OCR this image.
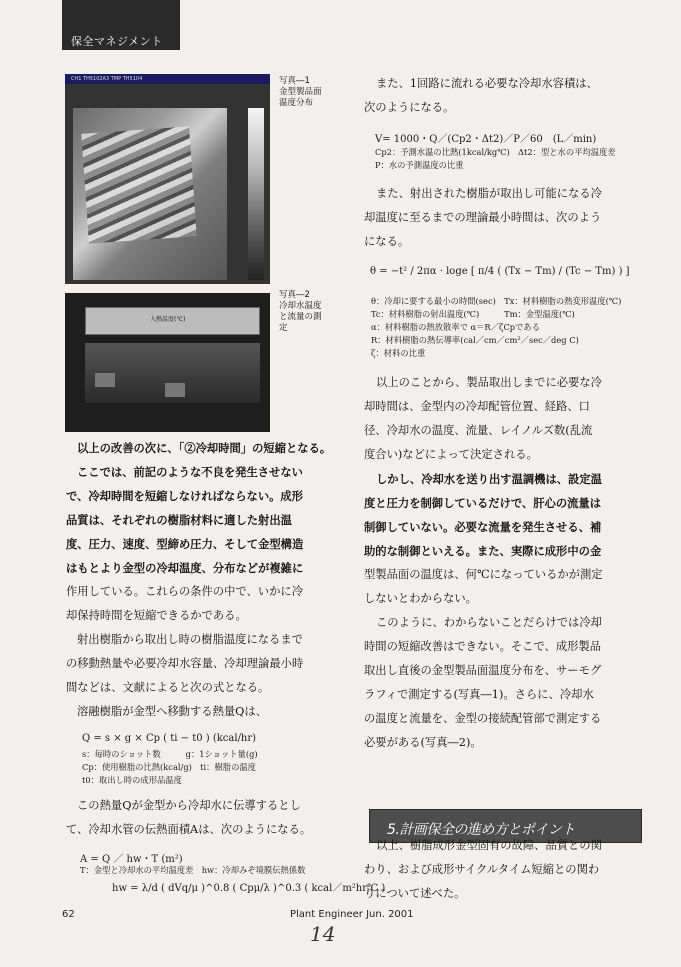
保全マネジメント
CH1 TH5102A3 TMP TH5104	写真―1
金型製品面
温度分布
入熱温度(℃)
写真―2
冷却水温度
と流量の測
定
以上の改善の次に、「②冷却時間」の短縮となる。
ここでは、前記のような不良を発生させない
で、冷却時間を短縮しなければならない。成形
品質は、それぞれの樹脂材料に適した射出温
度、圧力、速度、型締め圧力、そして金型構造
はもとより金型の冷却温度、分布などが複雑に
作用している。これらの条件の中で、いかに冷
却保持時間を短縮できるかである。
射出樹脂から取出し時の樹脂温度になるまで
の移動熱量や必要冷却水容量、冷却理論最小時
間などは、文献によると次の式となる。
溶融樹脂が金型へ移動する熱量Qは、
Q = s × g × Cp ( ti − t0 ) (kcal/hr)
s：毎時のショット数　　　g：1ショット量(g)
Cp：使用樹脂の比熱(kcal/g)　ti：樹脂の温度
t0：取出し時の成形品温度
この熱量Qが金型から冷却水に伝導するとし
て、冷却水管の伝熱面積Aは、次のようになる。
A = Q ／ hw・T (m²)
T：金型と冷却水の平均温度差　hw：冷却みぞ境膜伝熱係数
hw = λ/d ( dVq/μ )^0.8 ( Cpμ/λ )^0.3 ( kcal／m²hr℃ )
また、1回路に流れる必要な冷却水容積は、
次のようになる。
V= 1000・Q／(Cp2・Δt2)／P／60　(L／min)
Cp2：予測水温の比熱(1kcal/kg℃)　Δt2：型と水の平均温度差
P：水の予測温度の比重
また、射出された樹脂が取出し可能になる冷
却温度に至るまでの理論最小時間は、次のよう
になる。
θ = −t² / 2πα · loge [ π/4 ( (Tx − Tm) / (Tc − Tm) ) ]
θ：冷却に要する最小の時間(sec)　Tx：材料樹脂の熱変形温度(℃)
Tc：材料樹脂の射出温度(℃)　　　Tm：金型温度(℃)
α：材料樹脂の熱放散率で α＝R／ζCpである
R：材料樹脂の熱伝導率(cal／cm／cm²／sec／deg C)
ζ：材料の比重
以上のことから、製品取出しまでに必要な冷
却時間は、金型内の冷却配管位置、経路、口
径、冷却水の温度、流量、レイノルズ数(乱流
度合い)などによって決定される。
しかし、冷却水を送り出す温調機は、設定温
度と圧力を制御しているだけで、肝心の流量は
制御していない。必要な流量を発生させる、補
助的な制御といえる。また、実際に成形中の金
型製品面の温度は、何℃になっているかが測定
しないとわからない。
このように、わからないことだらけでは冷却
時間の短縮改善はできない。そこで、成形製品
取出し直後の金型製品面温度分布を、サーモグ
ラフィで測定する(写真―1)。さらに、冷却水
の温度と流量を、金型の接続配管部で測定する
必要がある(写真―2)。
5.計画保全の進め方とポイント
以上、樹脂成形金型固有の故障、品質との関
わり、および成形サイクルタイム短縮との関わ
りについて述べた。
62	Plant Engineer Jun. 2001
14
